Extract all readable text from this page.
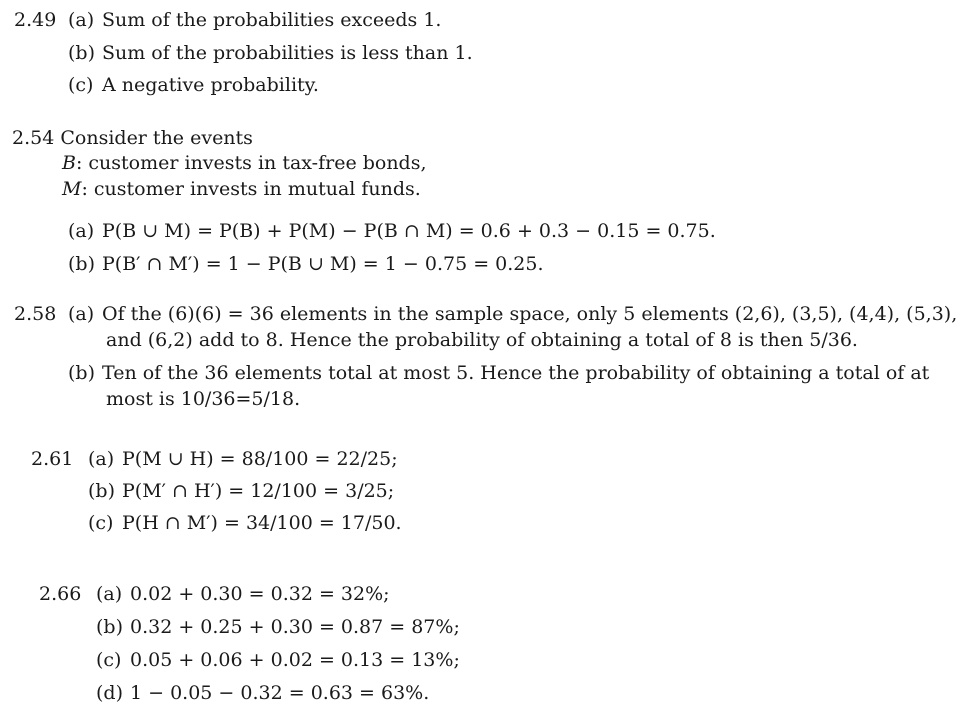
2.49 (a) Sum of the probabilities exceeds 1.
(b) Sum of the probabilities is less than 1.
(c) A negative probability.
2.54 Consider the events
B: customer invests in tax-free bonds,
M: customer invests in mutual funds.
(a) P(B ∪ M) = P(B) + P(M) − P(B ∩ M) = 0.6 + 0.3 − 0.15 = 0.75.
(b) P(B′ ∩ M′) = 1 − P(B ∪ M) = 1 − 0.75 = 0.25.
2.58 (a) Of the (6)(6) = 36 elements in the sample space, only 5 elements (2,6), (3,5), (4,4), (5,3),
and (6,2) add to 8. Hence the probability of obtaining a total of 8 is then 5/36.
(b) Ten of the 36 elements total at most 5. Hence the probability of obtaining a total of at
most is 10/36=5/18.
2.61 (a) P(M ∪ H) = 88/100 = 22/25;
(b) P(M′ ∩ H′) = 12/100 = 3/25;
(c) P(H ∩ M′) = 34/100 = 17/50.
2.66 (a) 0.02 + 0.30 = 0.32 = 32%;
(b) 0.32 + 0.25 + 0.30 = 0.87 = 87%;
(c) 0.05 + 0.06 + 0.02 = 0.13 = 13%;
(d) 1 − 0.05 − 0.32 = 0.63 = 63%.
